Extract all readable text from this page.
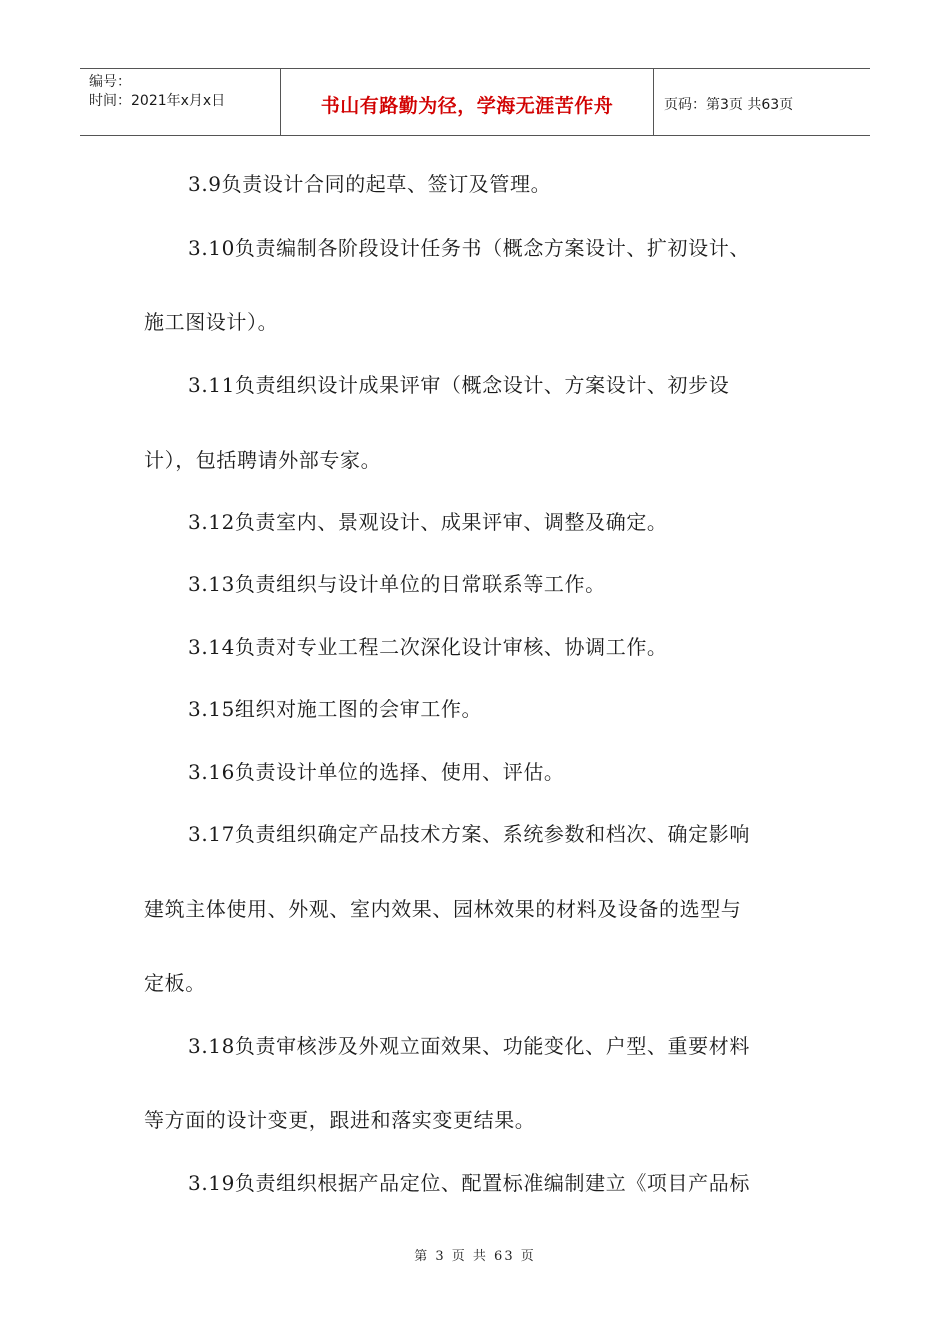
编号：
时间：2021年x月x日	书山有路勤为径，学海无涯苦作舟	页码：第3页 共63页
3.9负责设计合同的起草、签订及管理。
3.10负责编制各阶段设计任务书（概念方案设计、扩初设计、
施工图设计）。
3.11负责组织设计成果评审（概念设计、方案设计、初步设
计），包括聘请外部专家。
3.12负责室内、景观设计、成果评审、调整及确定。
3.13负责组织与设计单位的日常联系等工作。
3.14负责对专业工程二次深化设计审核、协调工作。
3.15组织对施工图的会审工作。
3.16负责设计单位的选择、使用、评估。
3.17负责组织确定产品技术方案、系统参数和档次、确定影响
建筑主体使用、外观、室内效果、园林效果的材料及设备的选型与
定板。
3.18负责审核涉及外观立面效果、功能变化、户型、重要材料
等方面的设计变更，跟进和落实变更结果。
3.19负责组织根据产品定位、配置标准编制建立《项目产品标
第 3 页 共 63 页
